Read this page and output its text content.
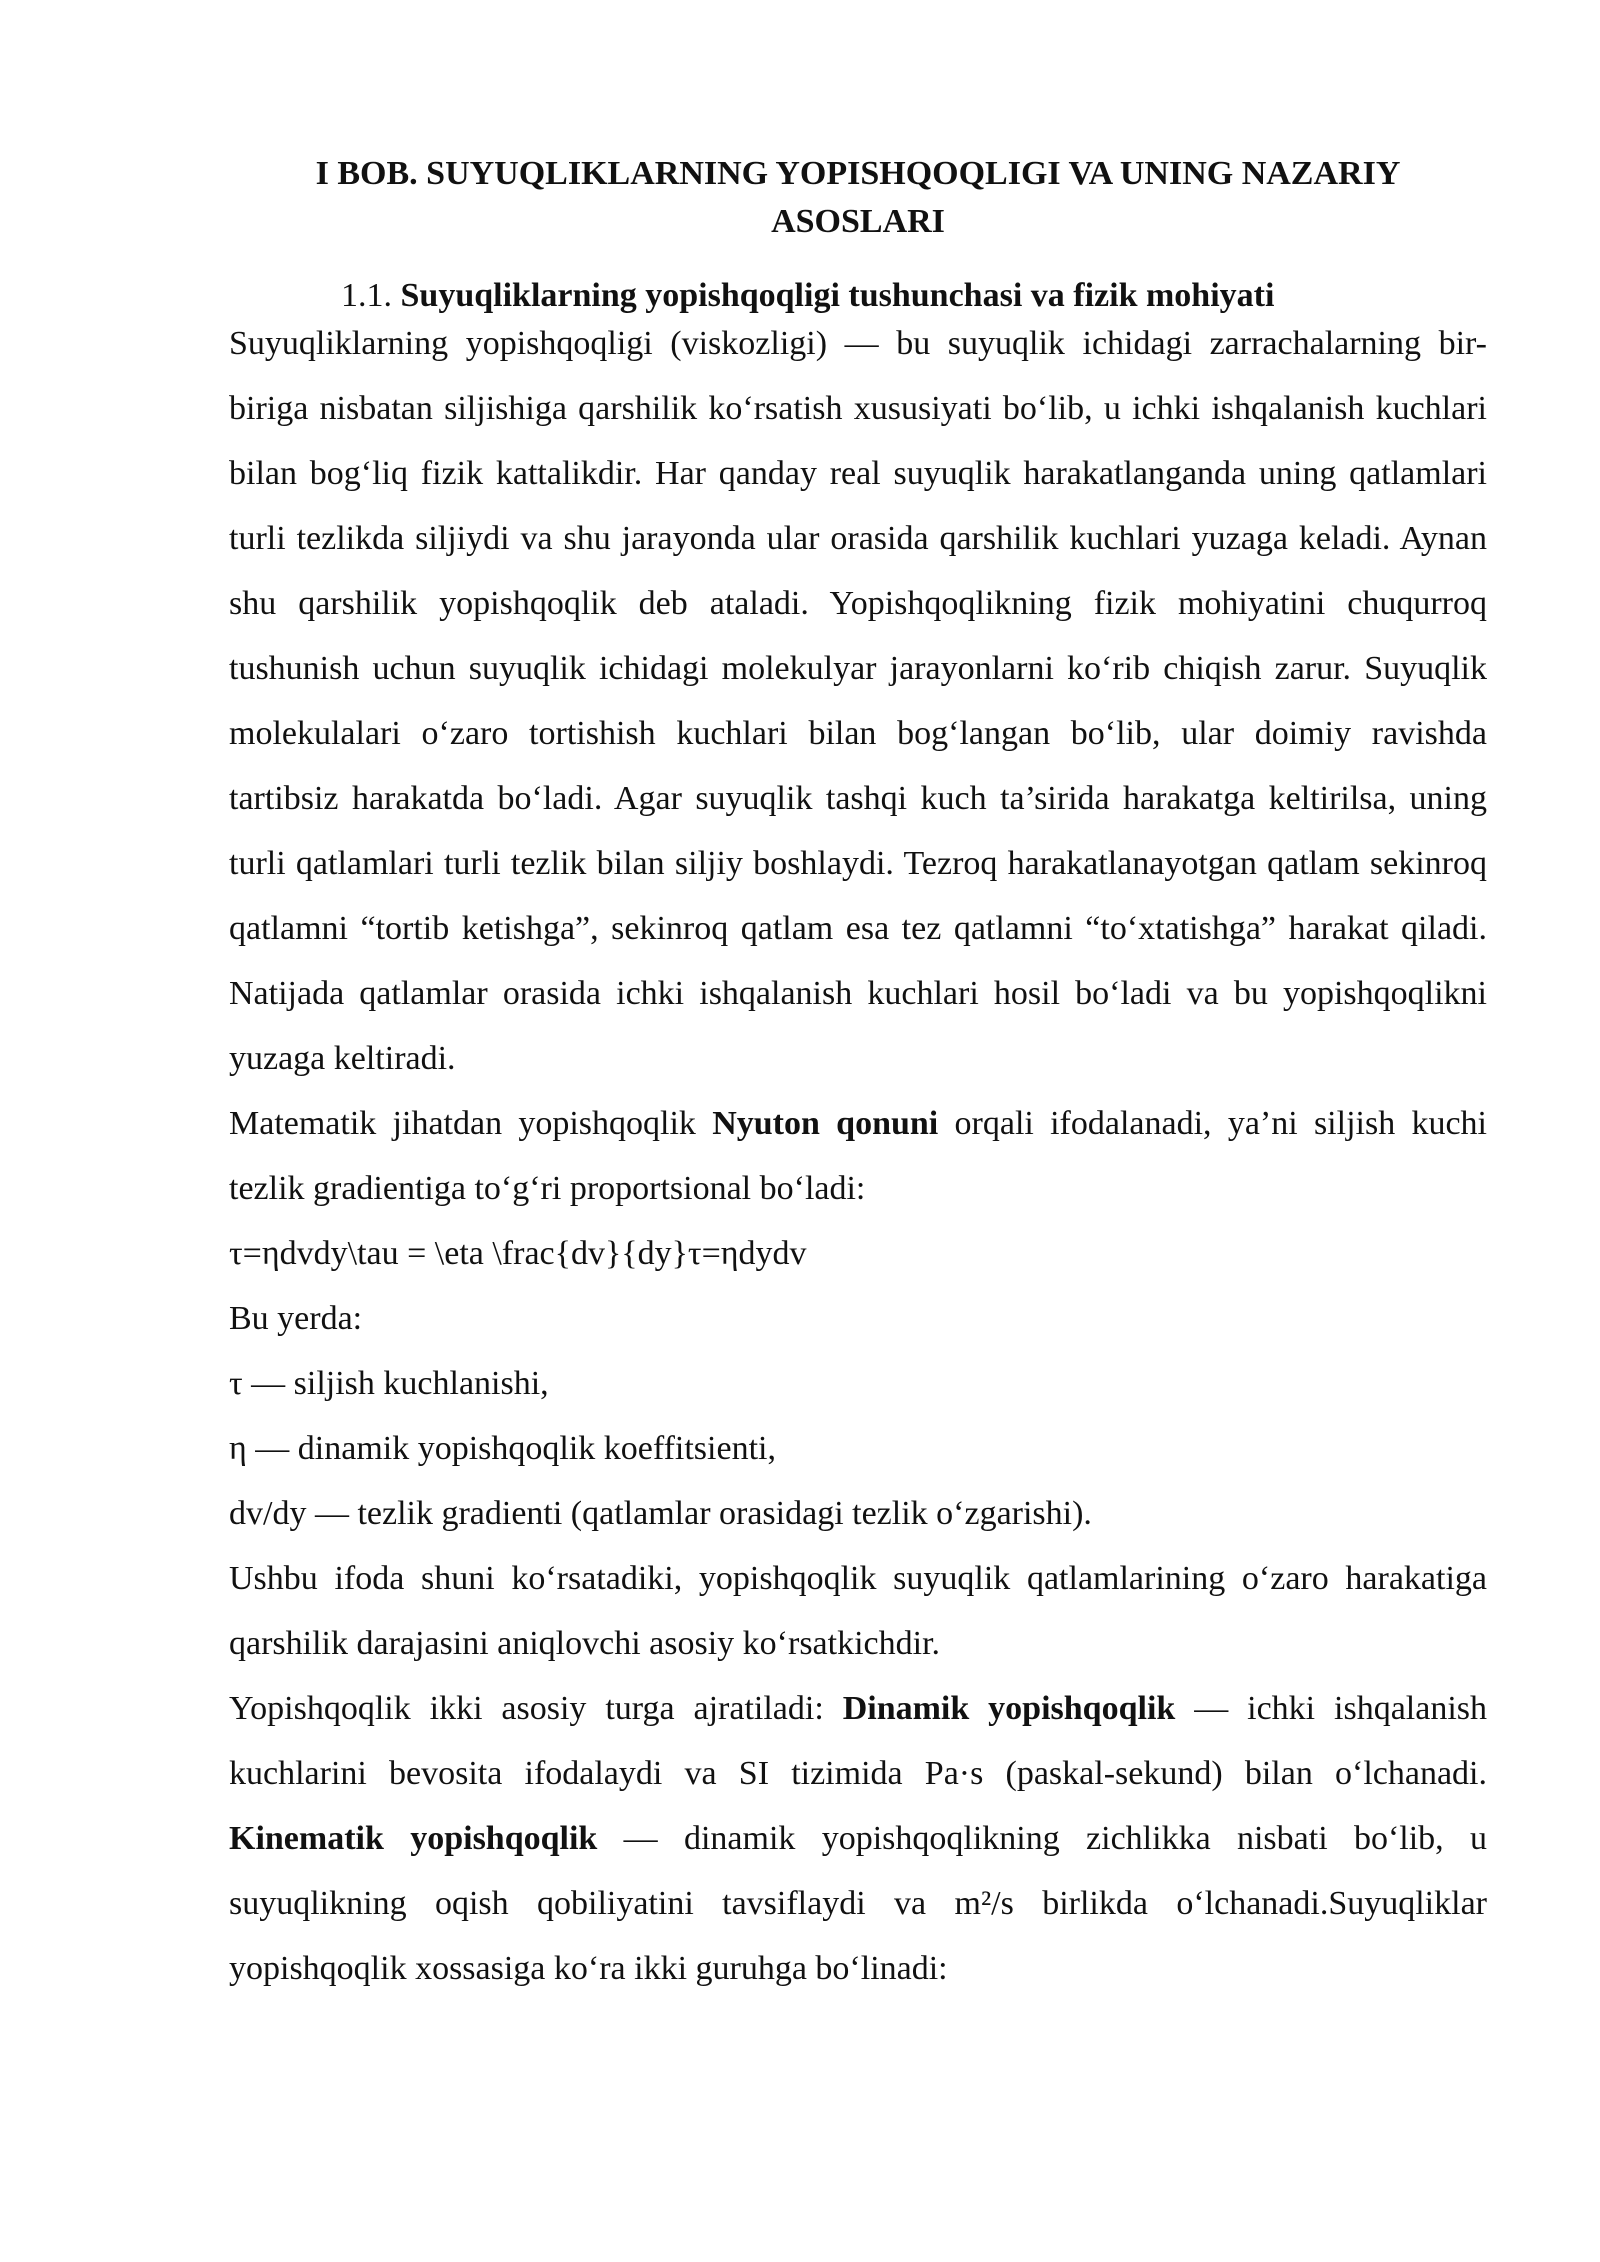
I BOB. SUYUQLIKLARNING YOPISHQOQLIGI VA UNING NAZARIY ASOSLARI
1.1. Suyuqliklarning yopishqoqligi tushunchasi va fizik mohiyati

Suyuqliklarning yopishqoqligi (viskozligi) — bu suyuqlik ichidagi zarrachalarning bir-biriga nisbatan siljishiga qarshilik ko‘rsatish xususiyati bo‘lib, u ichki ishqalanish kuchlari bilan bog‘liq fizik kattalikdir. Har qanday real suyuqlik harakatlanganda uning qatlamlari turli tezlikda siljiydi va shu jarayonda ular orasida qarshilik kuchlari yuzaga keladi. Aynan shu qarshilik yopishqoqlik deb ataladi. Yopishqoqlikning fizik mohiyatini chuqurroq tushunish uchun suyuqlik ichidagi molekulyar jarayonlarni ko‘rib chiqish zarur. Suyuqlik molekulalari o‘zaro tortishish kuchlari bilan bog‘langan bo‘lib, ular doimiy ravishda tartibsiz harakatda bo‘ladi. Agar suyuqlik tashqi kuch ta’sirida harakatga keltirilsa, uning turli qatlamlari turli tezlik bilan siljiy boshlaydi. Tezroq harakatlanayotgan qatlam sekinroq qatlamni “tortib ketishga”, sekinroq qatlam esa tez qatlamni “to‘xtatishga” harakat qiladi. Natijada qatlamlar orasida ichki ishqalanish kuchlari hosil bo‘ladi va bu yopishqoqlikni yuzaga keltiradi.

Matematik jihatdan yopishqoqlik Nyuton qonuni orqali ifodalanadi, ya’ni siljish kuchi tezlik gradientiga to‘g‘ri proportsional bo‘ladi:

τ=ηdvdy\tau = \eta \frac{dv}{dy}τ=ηdydv

Bu yerda:

τ — siljish kuchlanishi,

η — dinamik yopishqoqlik koeffitsienti,

dv/dy — tezlik gradienti (qatlamlar orasidagi tezlik o‘zgarishi).

Ushbu ifoda shuni ko‘rsatadiki, yopishqoqlik suyuqlik qatlamlarining o‘zaro harakatiga qarshilik darajasini aniqlovchi asosiy ko‘rsatkichdir.

Yopishqoqlik ikki asosiy turga ajratiladi: Dinamik yopishqoqlik — ichki ishqalanish kuchlarini bevosita ifodalaydi va SI tizimida Pa·s (paskal-sekund) bilan o‘lchanadi. Kinematik yopishqoqlik — dinamik yopishqoqlikning zichlikka nisbati bo‘lib, u suyuqlikning oqish qobiliyatini tavsiflaydi va m²/s birlikda o‘lchanadi.Suyuqliklar yopishqoqlik xossasiga ko‘ra ikki guruhga bo‘linadi:
